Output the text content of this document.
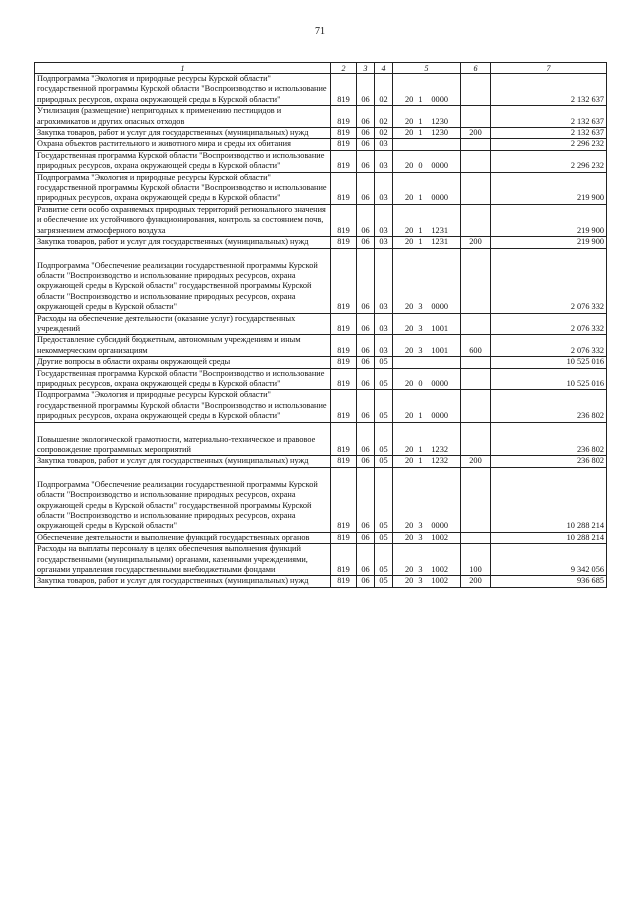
71
1	2	3	4	5	6	7

Подпрограмма "Экология и природные ресурсы Курской области" государственной программы Курской области "Воспроизводство и использование природных ресурсов, охрана окружающей среды в Курской области"	819	06	02	20 1 0000		2 132 637

Утилизация (размещение) непригодных к применению пестицидов и агрохимикатов и других опасных отходов	819	06	02	20 1 1230		2 132 637

Закупка товаров, работ и услуг для государственных (муниципальных) нужд	819	06	02	20 1 1230	200	2 132 637

Охрана объектов растительного и животного мира и среды их обитания	819	06	03			2 296 232

Государственная программа Курской области "Воспроизводство и использование природных ресурсов, охрана окружающей среды в Курской области"	819	06	03	20 0 0000		2 296 232

Подпрограмма "Экология и природные ресурсы Курской области" государственной программы Курской области "Воспроизводство и использование природных ресурсов, охрана окружающей среды в Курской области"	819	06	03	20 1 0000		219 900

Развитие сети особо охраняемых природных территорий регионального значения и обеспечение их устойчивого функционирования, контроль за состоянием почв, загрязнением атмосферного воздуха	819	06	03	20 1 1231		219 900

Закупка товаров, работ и услуг для государственных (муниципальных) нужд	819	06	03	20 1 1231	200	219 900

Подпрограмма "Обеспечение реализации государственной программы Курской области "Воспроизводство и использование природных ресурсов, охрана окружающей среды в Курской области" государственной программы Курской области "Воспроизводство и использование природных ресурсов, охрана окружающей среды в Курской области"	819	06	03	20 3 0000		2 076 332

Расходы на обеспечение деятельности (оказание услуг) государственных учреждений	819	06	03	20 3 1001		2 076 332

Предоставление субсидий бюджетным, автономным учреждениям и иным некоммерческим организациям	819	06	03	20 3 1001	600	2 076 332

Другие вопросы в области охраны окружающей среды	819	06	05			10 525 016

Государственная программа Курской области "Воспроизводство и использование природных ресурсов, охрана окружающей среды в Курской области"	819	06	05	20 0 0000		10 525 016

Подпрограмма "Экология и природные ресурсы Курской области" государственной программы Курской области "Воспроизводство и использование природных ресурсов, охрана окружающей среды в Курской области"	819	06	05	20 1 0000		236 802

Повышение экологической грамотности, материально-техническое и правовое сопровождение программных мероприятий	819	06	05	20 1 1232		236 802

Закупка товаров, работ и услуг для государственных (муниципальных) нужд	819	06	05	20 1 1232	200	236 802

Подпрограмма "Обеспечение реализации государственной программы Курской области "Воспроизводство и использование природных ресурсов, охрана окружающей среды в Курской области" государственной программы Курской области "Воспроизводство и использование природных ресурсов, охрана окружающей среды в Курской области"	819	06	05	20 3 0000		10 288 214

Обеспечение деятельности и выполнение функций государственных органов	819	06	05	20 3 1002		10 288 214

Расходы на выплаты персоналу в целях обеспечения выполнения функций государственными (муниципальными) органами, казенными учреждениями, органами управления государственными внебюджетными фондами	819	06	05	20 3 1002	100	9 342 056

Закупка товаров, работ и услуг для государственных (муниципальных) нужд	819	06	05	20 3 1002	200	936 685
